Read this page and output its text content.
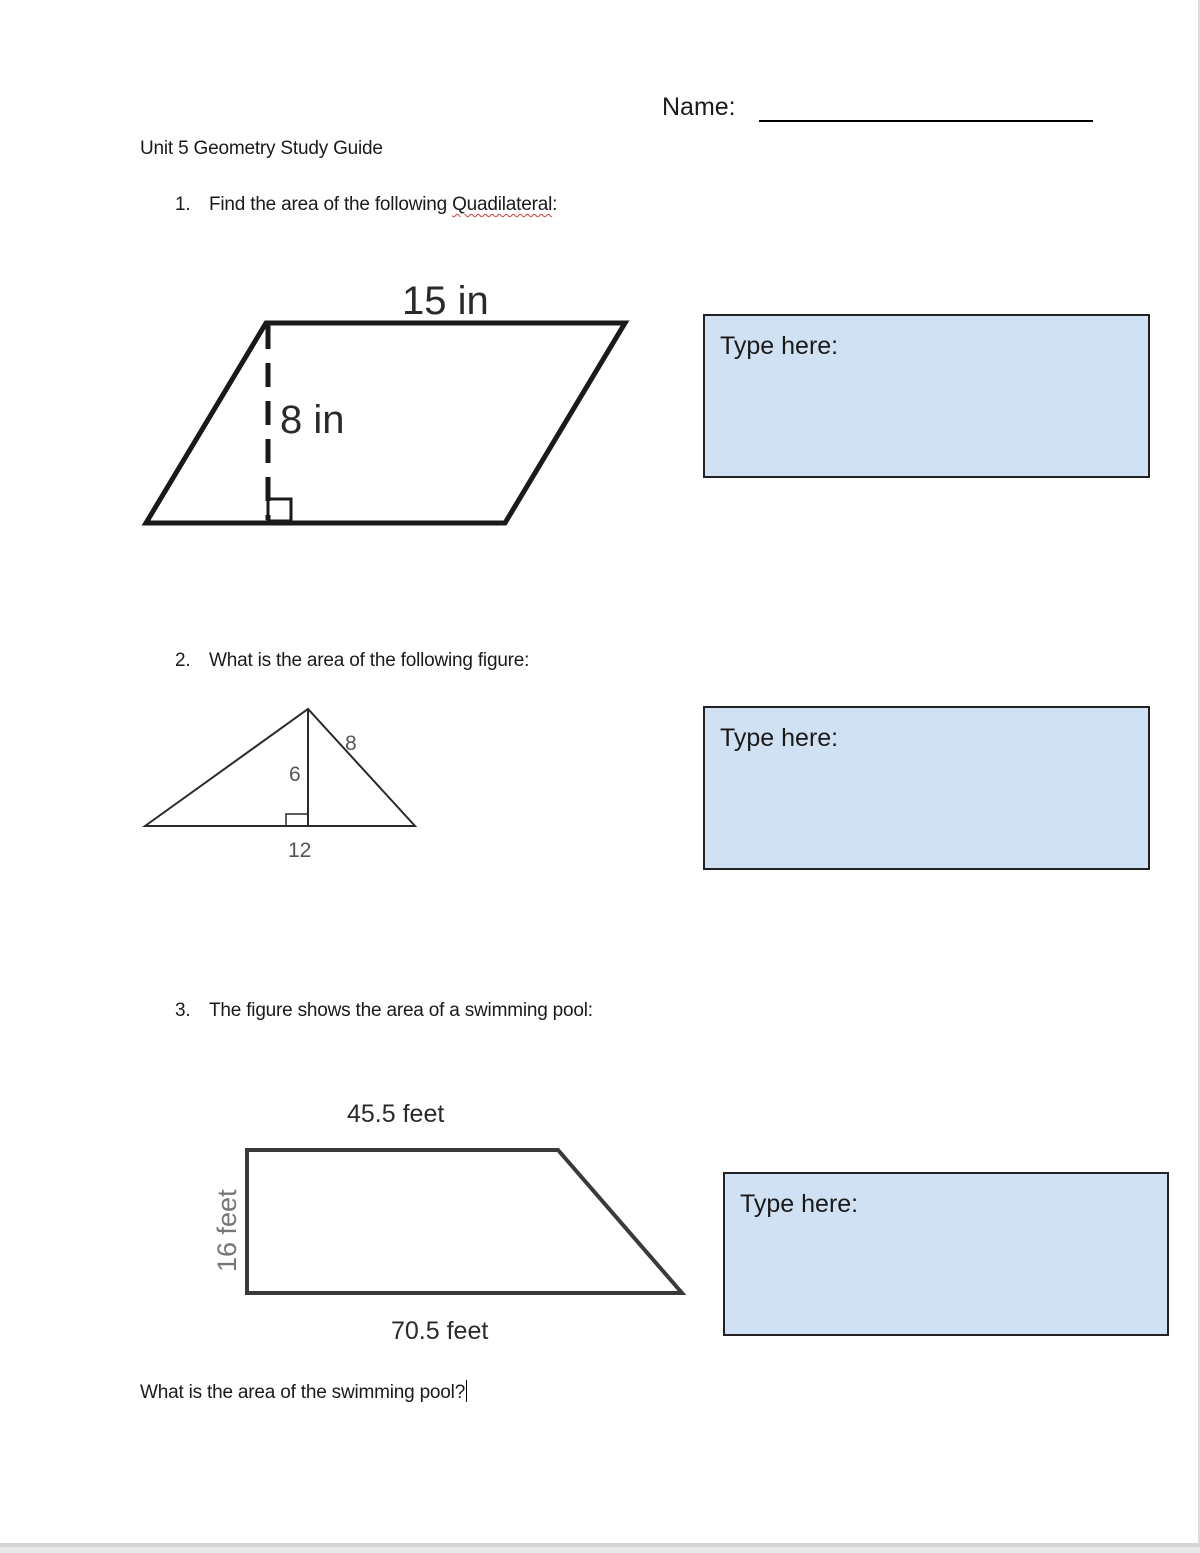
Name:
Unit 5 Geometry Study Guide
1. Find the area of the following Quadilateral:
15 in
8 in
8
6
12
45.5 feet
70.5 feet
16 feet
Type here:
2. What is the area of the following figure:
Type here:
3. The figure shows the area of a swimming pool:
Type here:
What is the area of the swimming pool?
